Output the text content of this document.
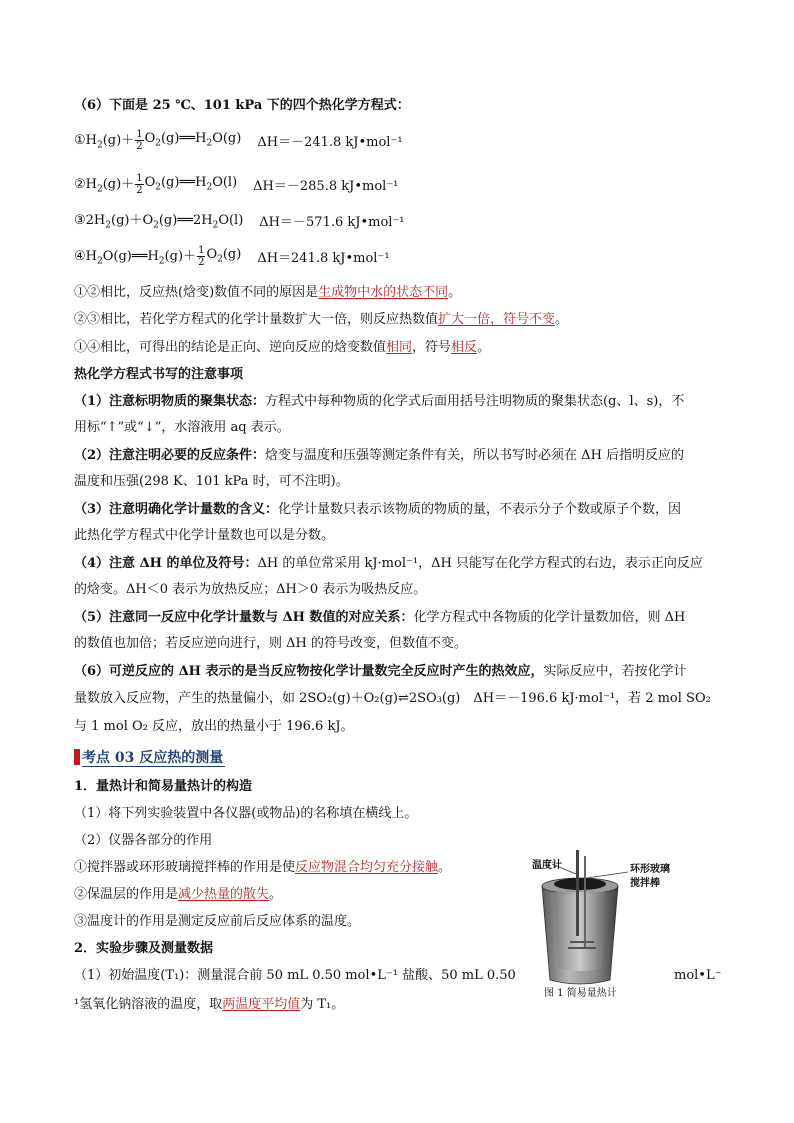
（6）下面是 25 ℃、101 kPa 下的四个热化学方程式：
① $H_2(g)+ \frac{1}{2}$ $O_2(g)══H_2O(g)$ ΔH＝－241.8 kJ•mol⁻¹
② $H_2(g)+ \frac{1}{2}$ $O_2(g)══H_2O(l)$ ΔH＝－285.8 kJ•mol⁻¹
③ $2H_2(g)+O_2(g)══2H_2O(l)$ ΔH＝－571.6 kJ•mol⁻¹
④ $H_2O(g)══H_2(g)+ \frac{1}{2} O_2(g)$ ΔH＝241.8 kJ•mol⁻¹
①②相比，反应热(焓变)数值不同的原因是生成物中水的状态不同。
②③相比，若化学方程式的化学计量数扩大一倍，则反应热数值扩大一倍，符号不变。
①④相比，可得出的结论是正向、逆向反应的焓变数值相同，符号相反。
热化学方程式书写的注意事项
（1）注意标明物质的聚集状态：方程式中每种物质的化学式后面用括号注明物质的聚集状态(g、l、s)，不
用标“↑”或“↓”，水溶液用 aq 表示。
（2）注意注明必要的反应条件：焓变与温度和压强等测定条件有关，所以书写时必须在 ΔH 后指明反应的
温度和压强(298 K、101 kPa 时，可不注明)。
（3）注意明确化学计量数的含义：化学计量数只表示该物质的物质的量，不表示分子个数或原子个数，因
此热化学方程式中化学计量数也可以是分数。
（4）注意 ΔH 的单位及符号：ΔH 的单位常采用 kJ·mol⁻¹，ΔH 只能写在化学方程式的右边，表示正向反应
的焓变。ΔH＜0 表示为放热反应；ΔH＞0 表示为吸热反应。
（5）注意同一反应中化学计量数与 ΔH 数值的对应关系：化学方程式中各物质的化学计量数加倍，则 ΔH
的数值也加倍；若反应逆向进行，则 ΔH 的符号改变，但数值不变。
（6）可逆反应的 ΔH 表示的是当反应物按化学计量数完全反应时产生的热效应，实际反应中，若按化学计
量数放入反应物，产生的热量偏小，如 2SO₂(g)＋O₂(g)⇌2SO₃(g)　ΔH＝－196.6 kJ·mol⁻¹，若 2 mol SO₂
与 1 mol O₂ 反应，放出的热量小于 196.6 kJ。
考点 03 反应热的测量
1．量热计和简易量热计的构造
（1）将下列实验装置中各仪器(或物品)的名称填在横线上。
（2）仪器各部分的作用
①搅拌器或环形玻璃搅拌棒的作用是使反应物混合均匀充分接触。
②保温层的作用是减少热量的散失。
③温度计的作用是测定反应前后反应体系的温度。
2．实验步骤及测量数据
（1）初始温度(T₁)：测量混合前 50 mL 0.50 mol•L⁻¹ 盐酸、50 mL 0.50	mol•L⁻
¹氢氧化钠溶液的温度，取两温度平均值为 T₁。
温度计	环形玻璃
搅拌棒
图 1 简易量热计
